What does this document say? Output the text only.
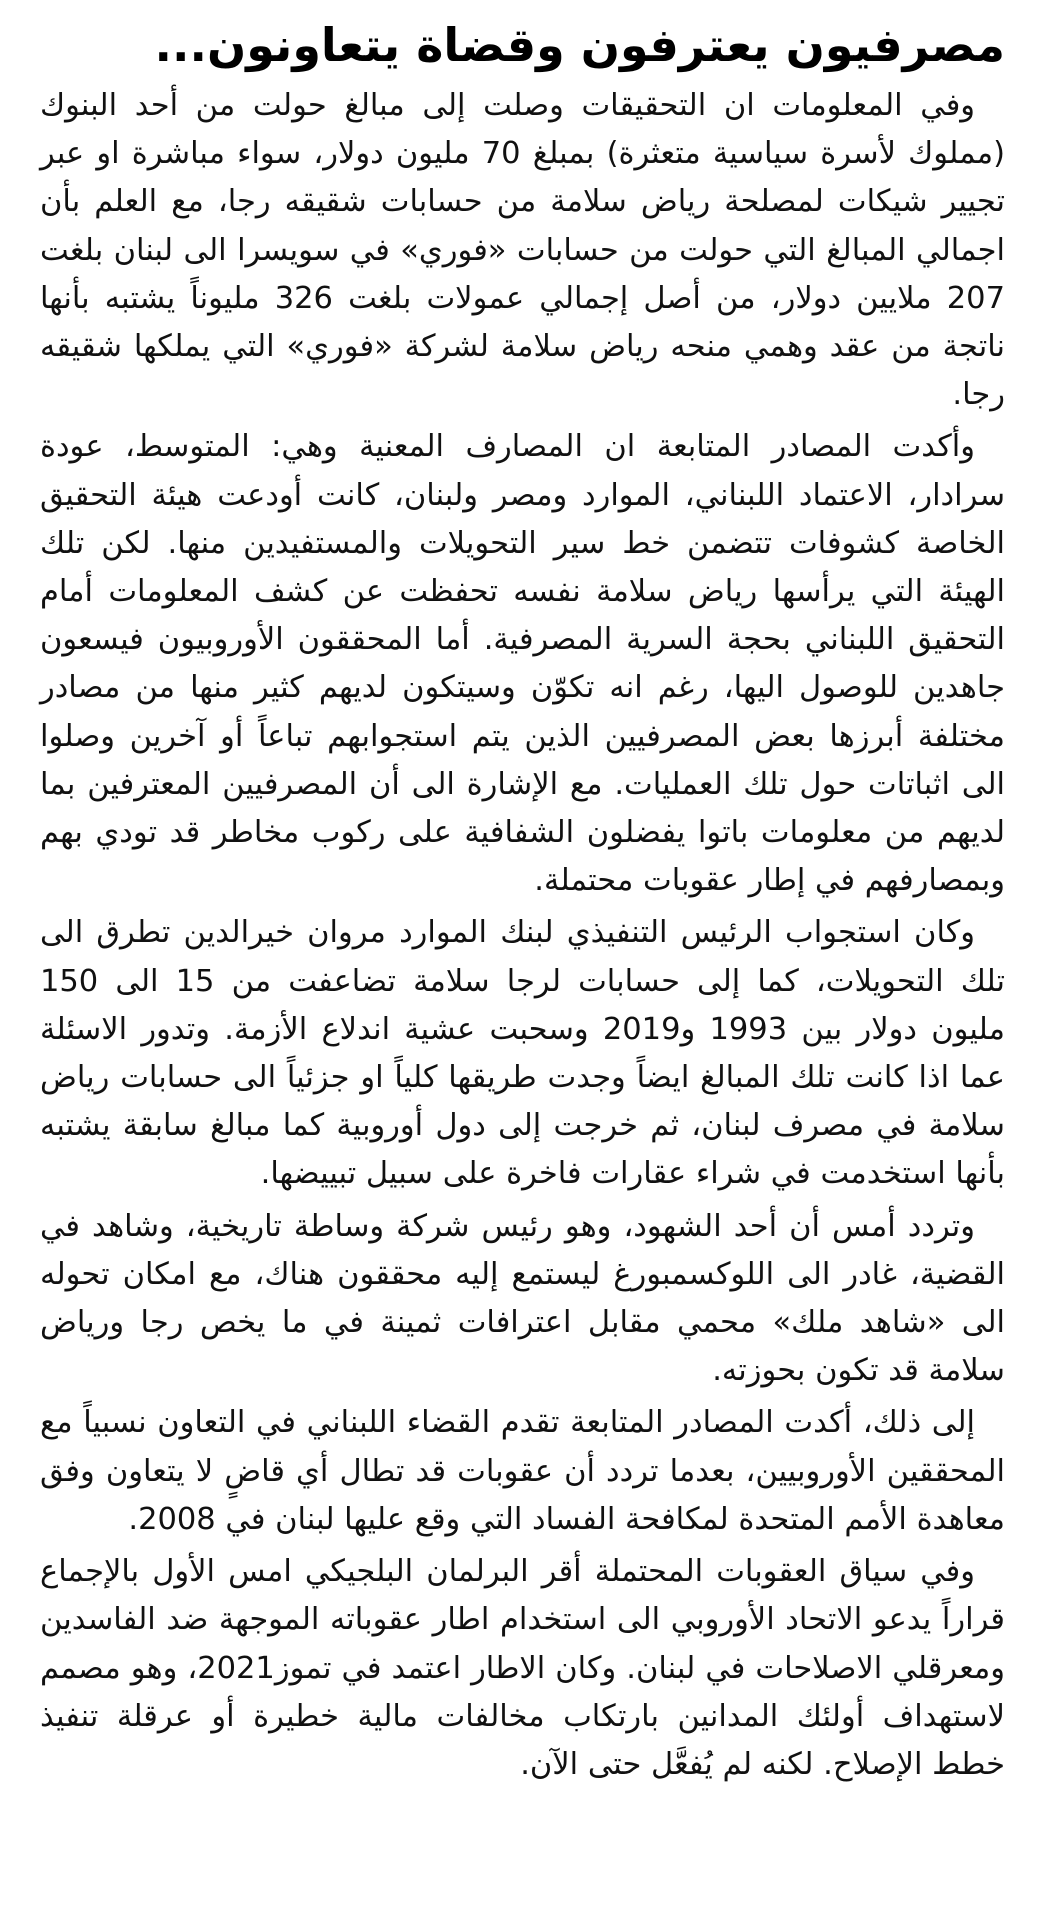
مصرفيون يعترفون وقضاة يتعاونون...

وفي المعلومات ان التحقيقات وصلت إلى مبالغ حولت من أحد البنوك (مملوك لأسرة سياسية متعثرة) بمبلغ 70 مليون دولار، سواء مباشرة او عبر تجيير شيكات لمصلحة رياض سلامة من حسابات شقيقه رجا، مع العلم بأن اجمالي المبالغ التي حولت من حسابات «فوري» في سويسرا الى لبنان بلغت 207 ملايين دولار، من أصل إجمالي عمولات بلغت 326 مليوناً يشتبه بأنها ناتجة من عقد وهمي منحه رياض سلامة لشركة «فوري» التي يملكها شقيقه رجا.

وأكدت المصادر المتابعة ان المصارف المعنية وهي: المتوسط، عودة سرادار، الاعتماد اللبناني، الموارد ومصر ولبنان، كانت أودعت هيئة التحقيق الخاصة كشوفات تتضمن خط سير التحويلات والمستفيدين منها. لكن تلك الهيئة التي يرأسها رياض سلامة نفسه تحفظت عن كشف المعلومات أمام التحقيق اللبناني بحجة السرية المصرفية. أما المحققون الأوروبيون فيسعون جاهدين للوصول اليها، رغم انه تكوّن وسيتكون لديهم كثير منها من مصادر مختلفة أبرزها بعض المصرفيين الذين يتم استجوابهم تباعاً أو آخرين وصلوا الى اثباتات حول تلك العمليات. مع الإشارة الى أن المصرفيين المعترفين بما لديهم من معلومات باتوا يفضلون الشفافية على ركوب مخاطر قد تودي بهم وبمصارفهم في إطار عقوبات محتملة.

وكان استجواب الرئيس التنفيذي لبنك الموارد مروان خيرالدين تطرق الى تلك التحويلات، كما إلى حسابات لرجا سلامة تضاعفت من 15 الى 150 مليون دولار بين 1993 و2019 وسحبت عشية اندلاع الأزمة. وتدور الاسئلة عما اذا كانت تلك المبالغ ايضاً وجدت طريقها كلياً او جزئياً الى حسابات رياض سلامة في مصرف لبنان، ثم خرجت إلى دول أوروبية كما مبالغ سابقة يشتبه بأنها استخدمت في شراء عقارات فاخرة على سبيل تبييضها.

وتردد أمس أن أحد الشهود، وهو رئيس شركة وساطة تاريخية، وشاهد في القضية، غادر الى اللوكسمبورغ ليستمع إليه محققون هناك، مع امكان تحوله الى «شاهد ملك» محمي مقابل اعترافات ثمينة في ما يخص رجا ورياض سلامة قد تكون بحوزته.

إلى ذلك، أكدت المصادر المتابعة تقدم القضاء اللبناني في التعاون نسبياً مع المحققين الأوروبيين، بعدما تردد أن عقوبات قد تطال أي قاضٍ لا يتعاون وفق معاهدة الأمم المتحدة لمكافحة الفساد التي وقع عليها لبنان في 2008.

وفي سياق العقوبات المحتملة أقر البرلمان البلجيكي امس الأول بالإجماع قراراً يدعو الاتحاد الأوروبي الى استخدام اطار عقوباته الموجهة ضد الفاسدين ومعرقلي الاصلاحات في لبنان. وكان الاطار اعتمد في تموز2021، وهو مصمم لاستهداف أولئك المدانين بارتكاب مخالفات مالية خطيرة أو عرقلة تنفيذ خطط الإصلاح. لكنه لم يُفعَّل حتى الآن.
